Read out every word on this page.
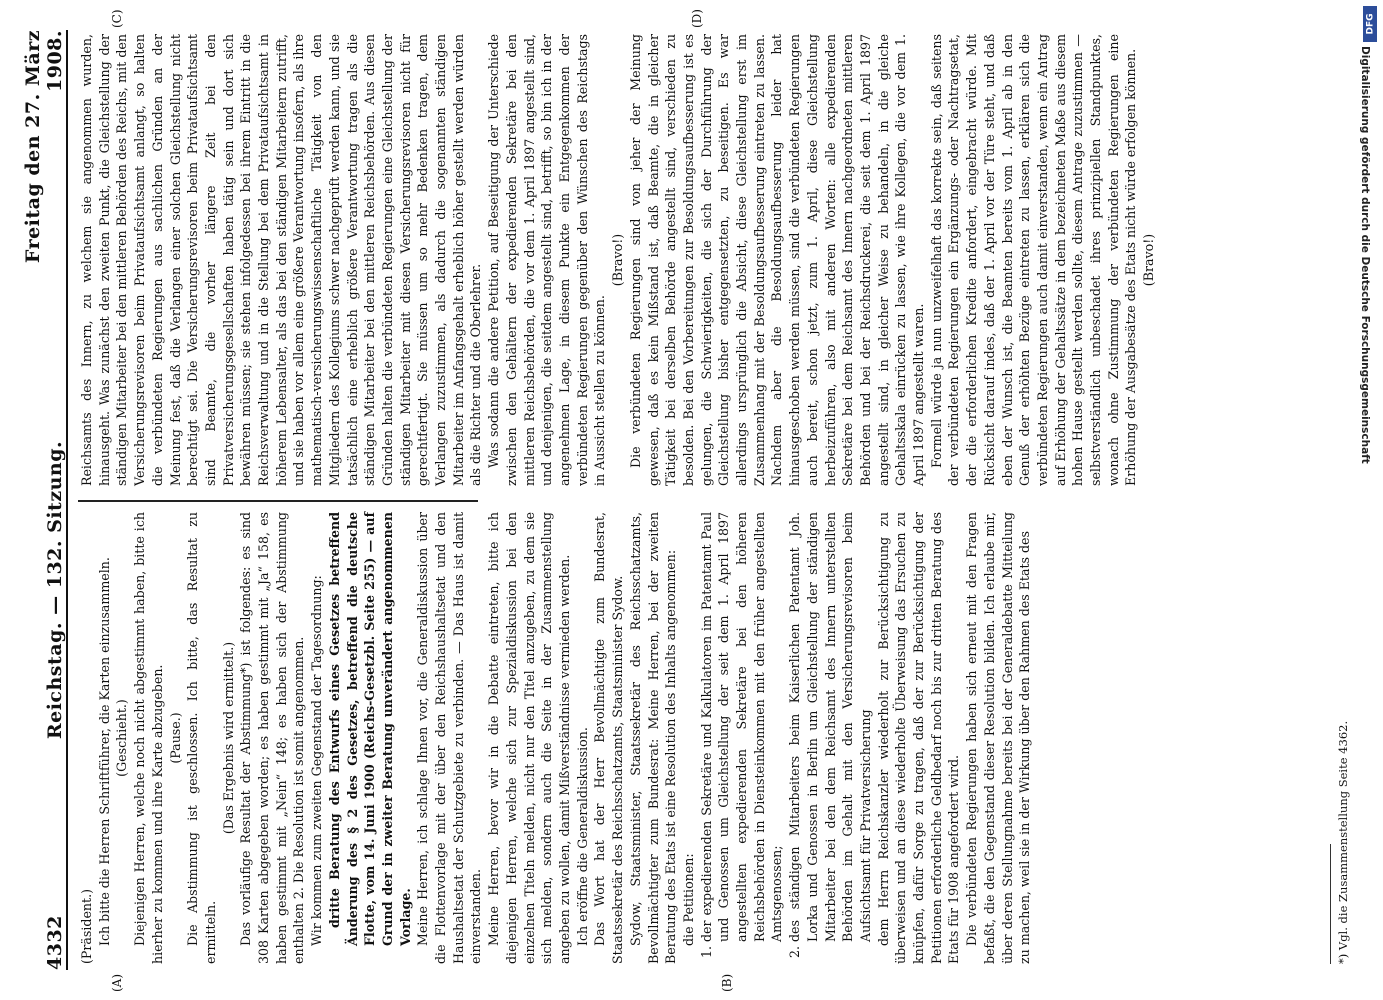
4332
Reichstag. — 132. Sitzung.
Freitag den 27. März 1908.
(A)	(B)
(C)	(D)

(Präsident.) Ich bitte die Herren Schriftführer, die Karten einzusammeln. (Geschieht.) Diejenigen Herren, welche noch nicht abgestimmt haben, bitte ich hierher zu kommen und ihre Karte abzugeben. (Pause.) Die Abstimmung ist geschlossen. Ich bitte, das Resultat zu ermitteln.

(Das Ergebnis wird ermittelt.) Das vorläufige Resultat der Abstimmung*) ist folgendes: es sind 308 Karten abgegeben worden; es haben gestimmt mit „Ja“ 158, es haben gestimmt mit „Nein“ 148; es haben sich der Abstimmung enthalten 2. Die Resolution ist somit angenommen. Wir kommen zum zweiten Gegenstand der Tagesordnung: dritte Beratung des Entwurfs eines Gesetzes betreffend Änderung des § 2 des Gesetzes, betreffend die deutsche Flotte, vom 14. Juni 1900 (Reichs-Gesetzbl. Seite 255) — auf Grund der in zweiter Beratung unverändert angenommenen Vorlage. Meine Herren, ich schlage Ihnen vor, die Generaldiskussion über die Flottenvorlage mit der über den Reichshaushaltsetat und den Haushaltsetat der Schutzgebiete zu verbinden. — Das Haus ist damit einverstanden. Meine Herren, bevor wir in die Debatte eintreten, bitte ich diejenigen Herren, welche sich zur Spezialdiskussion bei den einzelnen Titeln melden, nicht nur den Titel anzugeben, zu dem sie sich melden, sondern auch die Seite in der Zusammenstellung angeben zu wollen, damit Mißverständnisse vermieden werden. Ich eröffne die Generaldiskussion. Das Wort hat der Herr Bevollmächtigte zum Bundesrat, Staatssekretär des Reichsschatzamts, Staatsminister Sydow. Sydow, Staatsminister, Staatssekretär des Reichsschatzamts, Bevollmächtigter zum Bundesrat: Meine Herren, bei der zweiten Beratung des Etats ist eine Resolution des Inhalts angenommen: die Petitionen: 1. der expedierenden Sekretäre und Kalkulatoren im Patentamt Paul und Genossen um Gleichstellung der seit dem 1. April 1897 angestellten expedierenden Sekretäre bei den höheren Reichsbehörden in Diensteinkommen mit den früher angestellten Amtsgenossen; 2. des ständigen Mitarbeiters beim Kaiserlichen Patentamt Joh. Lorka und Genossen in Berlin um Gleichstellung der ständigen Mitarbeiter bei den dem Reichsamt des Innern unterstellten Behörden im Gehalt mit den Versicherungsrevisoren beim Aufsichtsamt für Privatversicherung dem Herrn Reichskanzler wiederholt zur Berücksichtigung zu überweisen und an diese wiederholte Überweisung das Ersuchen zu knüpfen, dafür Sorge zu tragen, daß der zur Berücksichtigung der Petitionen erforderliche Geldbedarf noch bis zur dritten Beratung des Etats für 1908 angefordert wird. Die verbündeten Regierungen haben sich erneut mit den Fragen befaßt, die den Gegenstand dieser Resolution bilden. Ich erlaube mir, über deren Stellungnahme bereits bei der Generaldebatte Mitteilung zu machen, weil sie in der Wirkung über den Rahmen des Etats des

Reichsamts des Innern, zu welchem sie angenommen wurden, hinausgeht. Was zunächst den zweiten Punkt, die Gleichstellung der ständigen Mitarbeiter bei den mittleren Behörden des Reichs, mit den Versicherungsrevisoren beim Privataufsichtsamt anlangt, so halten die verbündeten Regierungen aus sachlichen Gründen an der Meinung fest, daß die Verlangen einer solchen Gleichstellung nicht berechtigt sei. Die Versicherungsrevisoren beim Privataufsichtsamt sind Beamte, die vorher längere Zeit bei den Privatversicherungsgesellschaften haben tätig sein und dort sich bewähren müssen; sie stehen infolgedessen bei ihrem Eintritt in die Reichsverwaltung und in die Stellung bei dem Privataufsichtsamt in höherem Lebensalter, als das bei den ständigen Mitarbeitern zutrifft, und sie haben vor allem eine größere Verantwortung insofern, als ihre mathematisch-versicherungswissenschaftliche Tätigkeit von den Mitgliedern des Kollegiums schwer nachgeprüft werden kann, und sie tatsächlich eine erheblich größere Verantwortung tragen als die ständigen Mitarbeiter bei den mittleren Reichsbehörden. Aus diesen Gründen halten die verbündeten Regierungen eine Gleichstellung der ständigen Mitarbeiter mit diesen Versicherungsrevisoren nicht für gerechtfertigt. Sie müssen um so mehr Bedenken tragen, dem Verlangen zuzustimmen, als dadurch die sogenannten ständigen Mitarbeiter im Anfangsgehalt erheblich höher gestellt werden würden als die Richter und die Oberlehrer. Was sodann die andere Petition, auf Beseitigung der Unterschiede zwischen den Gehältern der expedierenden Sekretäre bei den mittleren Reichsbehörden, die vor dem 1. April 1897 angestellt sind, und denjenigen, die seitdem angestellt sind, betrifft, so bin ich in der angenehmen Lage, in diesem Punkte ein Entgegenkommen der verbündeten Regierungen gegenüber den Wünschen des Reichstags in Aussicht stellen zu können.

(Bravo!) Die verbündeten Regierungen sind von jeher der Meinung gewesen, daß es kein Mißstand ist, daß Beamte, die in gleicher Tätigkeit bei derselben Behörde angestellt sind, verschieden zu besolden. Bei den Vorbereitungen zur Besoldungsaufbesserung ist es gelungen, die Schwierigkeiten, die sich der Durchführung der Gleichstellung bisher entgegensetzten, zu beseitigen. Es war allerdings ursprünglich die Absicht, diese Gleichstellung erst im Zusammenhang mit der Besoldungsaufbesserung eintreten zu lassen. Nachdem aber die Besoldungsaufbesserung leider hat hinausgeschoben werden müssen, sind die verbündeten Regierungen auch bereit, schon jetzt, zum 1. April, diese Gleichstellung herbeizuführen, also mit anderen Worten: alle expedierenden Sekretäre bei dem Reichsamt des Innern nachgeordneten mittleren Behörden und bei der Reichsdruckerei, die seit dem 1. April 1897 angestellt sind, in gleicher Weise zu behandeln, in die gleiche Gehaltsskala einrücken zu lassen, wie ihre Kollegen, die vor dem 1. April 1897 angestellt waren. Formell würde ja nun unzweifelhaft das korrekte sein, daß seitens der verbündeten Regierungen ein Ergänzungs- oder Nachtragsetat, der die erforderlichen Kredite anfordert, eingebracht würde. Mit Rücksicht darauf indes, daß der 1. April vor der Türe steht, und daß eben der Wunsch ist, die Beamten bereits vom 1. April ab in den Genuß der erhöhten Bezüge eintreten zu lassen, erklären sich die verbündeten Regierungen auch damit einverstanden, wenn ein Antrag auf Erhöhung der Gehaltssätze in dem bezeichneten Maße aus diesem hohen Hause gestellt werden sollte, diesem Antrage zuzustimmen — selbstverständlich unbeschadet ihres prinzipiellen Standpunktes, wonach ohne Zustimmung der verbündeten Regierungen eine Erhöhung der Ausgabesätze des Etats nicht würde erfolgen können. (Bravo!)

*) Vgl. die Zusammenstellung Seite 4362.
DFG
Digitalisierung gefördert durch die Deutsche Forschungsgemeinschaft
